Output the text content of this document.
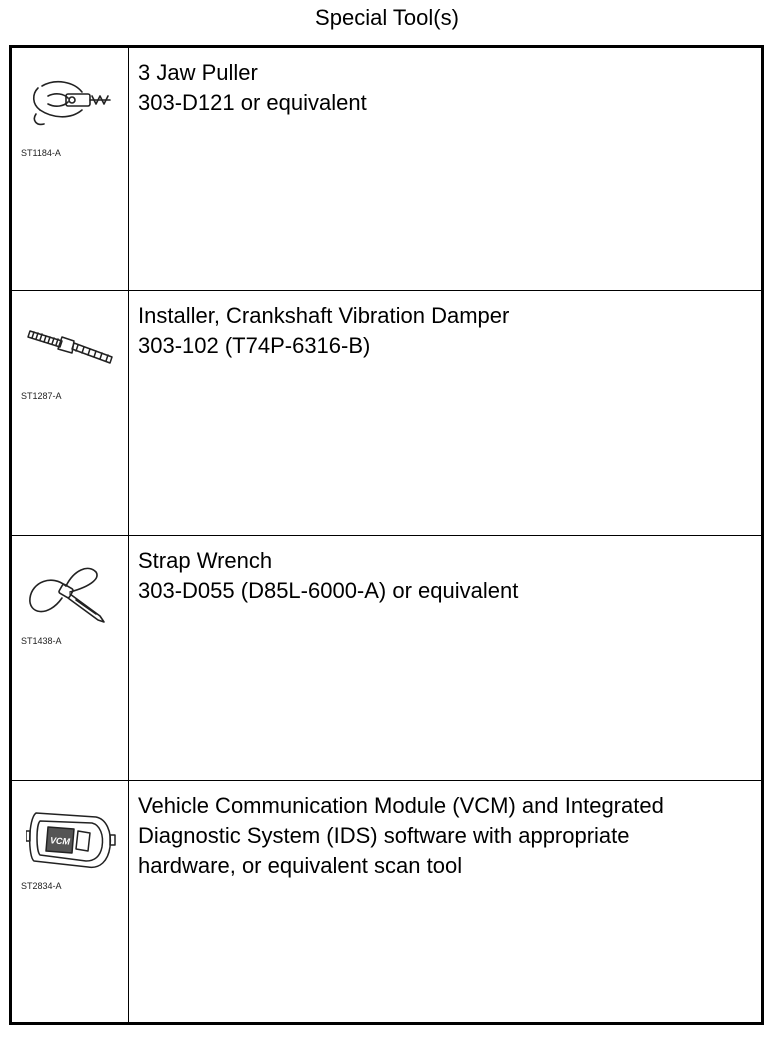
Special Tool(s)
ST1184-A
3 Jaw Puller
303-D121 or equivalent
ST1287-A
Installer, Crankshaft Vibration Damper
303-102 (T74P-6316-B)
ST1438-A
Strap Wrench
303-D055 (D85L-6000-A) or equivalent
VCM
ST2834-A
Vehicle Communication Module (VCM) and Integrated
Diagnostic System (IDS) software with appropriate
hardware, or equivalent scan tool
